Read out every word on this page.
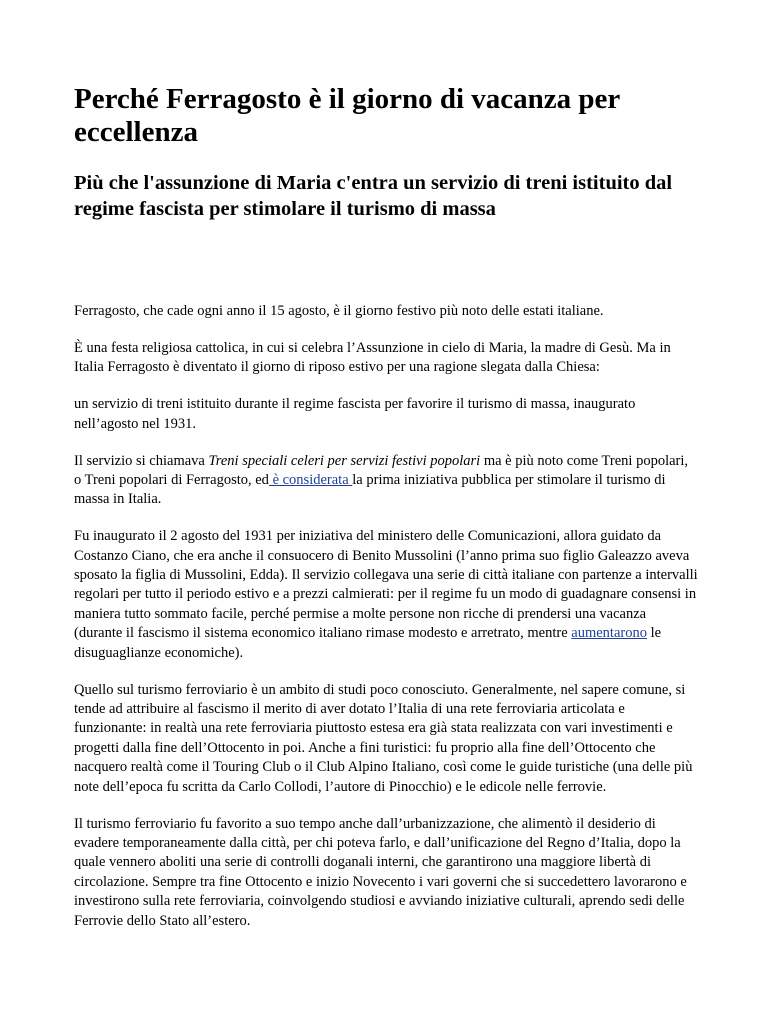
Perché Ferragosto è il giorno di vacanza per eccellenza
Più che l'assunzione di Maria c'entra un servizio di treni istituito dal regime fascista per stimolare il turismo di massa

Ferragosto, che cade ogni anno il 15 agosto, è il giorno festivo più noto delle estati italiane.

È una festa religiosa cattolica, in cui si celebra l’Assunzione in cielo di Maria, la madre di Gesù. Ma in Italia Ferragosto è diventato il giorno di riposo estivo per una ragione slegata dalla Chiesa:

un servizio di treni istituito durante il regime fascista per favorire il turismo di massa, inaugurato nell’agosto nel 1931.

Il servizio si chiamava Treni speciali celeri per servizi festivi popolari ma è più noto come Treni popolari, o Treni popolari di Ferragosto, ed è considerata la prima iniziativa pubblica per stimolare il turismo di massa in Italia.

Fu inaugurato il 2 agosto del 1931 per iniziativa del ministero delle Comunicazioni, allora guidato da Costanzo Ciano, che era anche il consuocero di Benito Mussolini (l’anno prima suo figlio Galeazzo aveva sposato la figlia di Mussolini, Edda). Il servizio collegava una serie di città italiane con partenze a intervalli regolari per tutto il periodo estivo e a prezzi calmierati: per il regime fu un modo di guadagnare consensi in maniera tutto sommato facile, perché permise a molte persone non ricche di prendersi una vacanza (durante il fascismo il sistema economico italiano rimase modesto e arretrato, mentre aumentarono le disuguaglianze economiche).

Quello sul turismo ferroviario è un ambito di studi poco conosciuto. Generalmente, nel sapere comune, si tende ad attribuire al fascismo il merito di aver dotato l’Italia di una rete ferroviaria articolata e funzionante: in realtà una rete ferroviaria piuttosto estesa era già stata realizzata con vari investimenti e progetti dalla fine dell’Ottocento in poi. Anche a fini turistici: fu proprio alla fine dell’Ottocento che nacquero realtà come il Touring Club o il Club Alpino Italiano, così come le guide turistiche (una delle più note dell’epoca fu scritta da Carlo Collodi, l’autore di Pinocchio) e le edicole nelle ferrovie.

Il turismo ferroviario fu favorito a suo tempo anche dall’urbanizzazione, che alimentò il desiderio di evadere temporaneamente dalla città, per chi poteva farlo, e dall’unificazione del Regno d’Italia, dopo la quale vennero aboliti una serie di controlli doganali interni, che garantirono una maggiore libertà di circolazione. Sempre tra fine Ottocento e inizio Novecento i vari governi che si succedettero lavorarono e investirono sulla rete ferroviaria, coinvolgendo studiosi e avviando iniziative culturali, aprendo sedi delle Ferrovie dello Stato all’estero.
